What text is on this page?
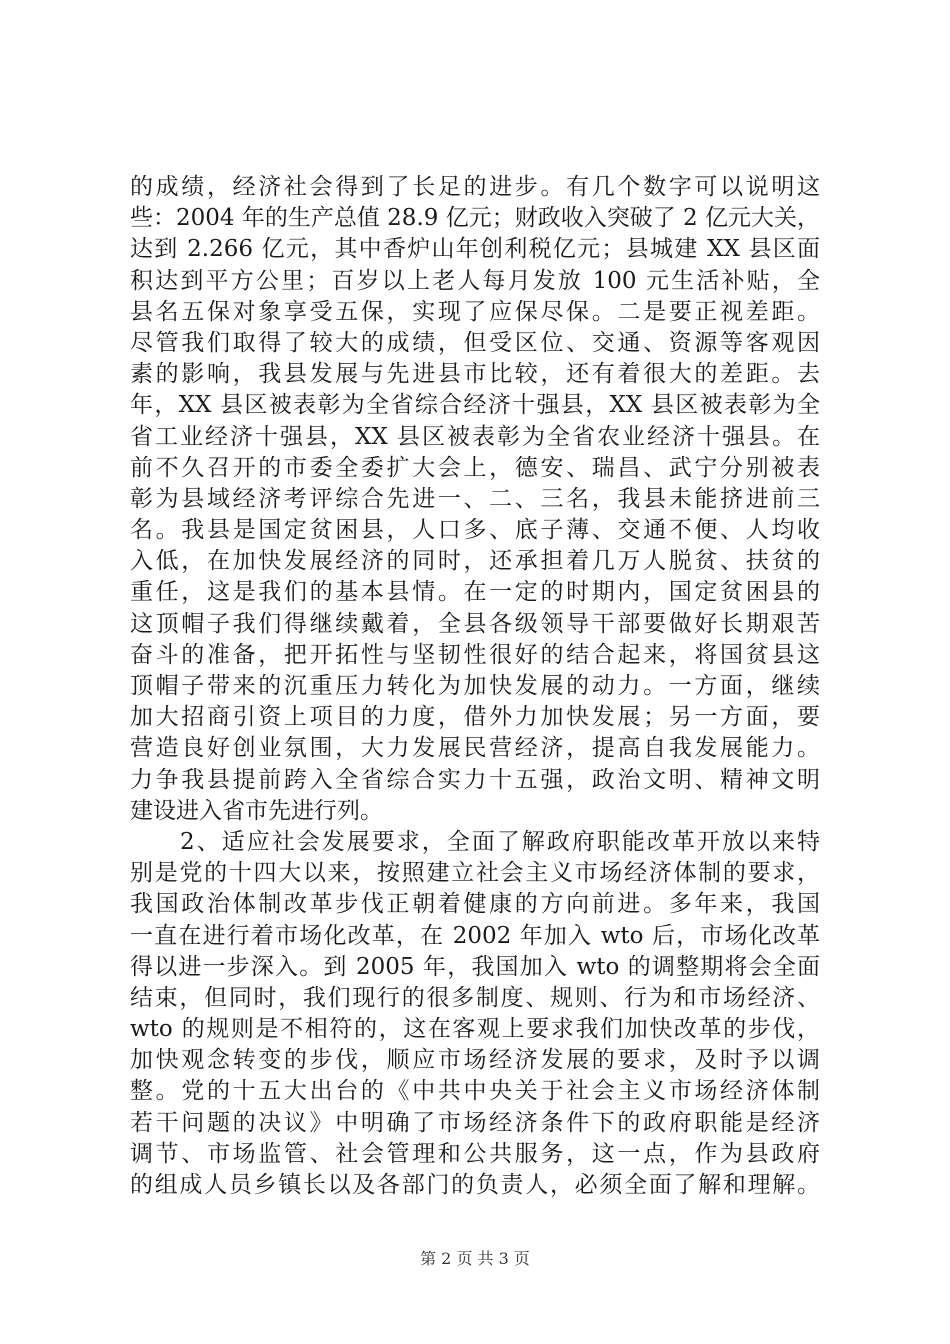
的成绩，经济社会得到了长足的进步。有几个数字可以说明这
些：2004 年的生产总值 28.9 亿元；财政收入突破了 2 亿元大关，
达到 2.266 亿元，其中香炉山年创利税亿元；县城建 XX 县区面
积达到平方公里；百岁以上老人每月发放 100 元生活补贴，全
县名五保对象享受五保，实现了应保尽保。二是要正视差距。
尽管我们取得了较大的成绩，但受区位、交通、资源等客观因
素的影响，我县发展与先进县市比较，还有着很大的差距。去
年，XX 县区被表彰为全省综合经济十强县，XX 县区被表彰为全
省工业经济十强县，XX 县区被表彰为全省农业经济十强县。在
前不久召开的市委全委扩大会上，德安、瑞昌、武宁分别被表
彰为县域经济考评综合先进一、二、三名，我县未能挤进前三
名。我县是国定贫困县，人口多、底子薄、交通不便、人均收
入低，在加快发展经济的同时，还承担着几万人脱贫、扶贫的
重任，这是我们的基本县情。在一定的时期内，国定贫困县的
这顶帽子我们得继续戴着，全县各级领导干部要做好长期艰苦
奋斗的准备，把开拓性与坚韧性很好的结合起来，将国贫县这
顶帽子带来的沉重压力转化为加快发展的动力。一方面，继续
加大招商引资上项目的力度，借外力加快发展；另一方面，要
营造良好创业氛围，大力发展民营经济，提高自我发展能力。
力争我县提前跨入全省综合实力十五强，政治文明、精神文明
建设进入省市先进行列。
　　2、适应社会发展要求，全面了解政府职能改革开放以来特
别是党的十四大以来，按照建立社会主义市场经济体制的要求，
我国政治体制改革步伐正朝着健康的方向前进。多年来，我国
一直在进行着市场化改革，在 2002 年加入 wto 后，市场化改革
得以进一步深入。到 2005 年，我国加入 wto 的调整期将会全面
结束，但同时，我们现行的很多制度、规则、行为和市场经济、
wto 的规则是不相符的，这在客观上要求我们加快改革的步伐，
加快观念转变的步伐，顺应市场经济发展的要求，及时予以调
整。党的十五大出台的《中共中央关于社会主义市场经济体制
若干问题的决议》中明确了市场经济条件下的政府职能是经济
调节、市场监管、社会管理和公共服务，这一点，作为县政府
的组成人员乡镇长以及各部门的负责人，必须全面了解和理解。
第 2 页 共 3 页
